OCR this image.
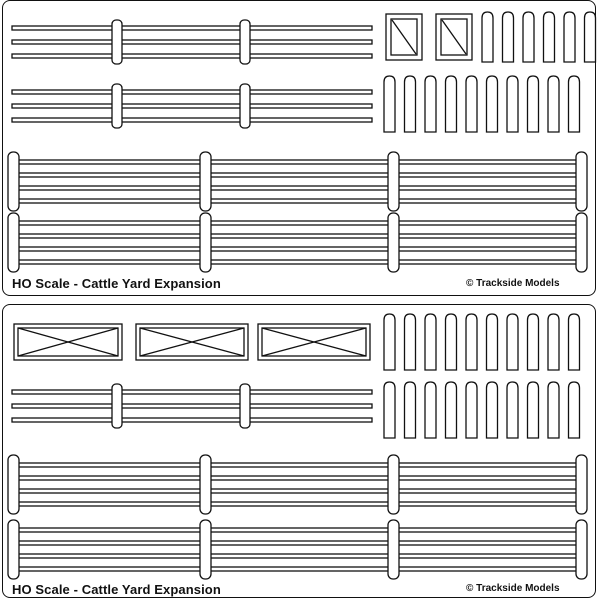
HO Scale - Cattle Yard Expansion	© Trackside Models
HO Scale - Cattle Yard Expansion	© Trackside Models
